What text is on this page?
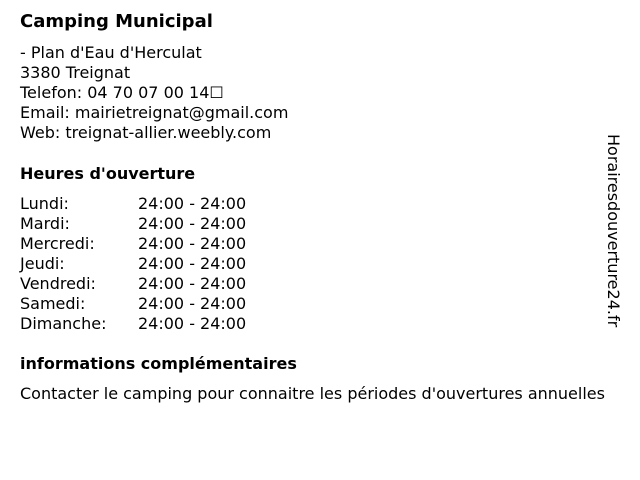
Camping Municipal
- Plan d'Eau d'Herculat
3380 Treignat
Telefon: 04 70 07 00 14☐
Email: mairietreignat@gmail.com
Web: treignat-allier.weebly.com
Heures d'ouverture
Lundi:	24:00 - 24:00
Mardi:	24:00 - 24:00
Mercredi:	24:00 - 24:00
Jeudi:	24:00 - 24:00
Vendredi:	24:00 - 24:00
Samedi:	24:00 - 24:00
Dimanche:	24:00 - 24:00
informations complémentaires
Contacter le camping pour connaitre les périodes d'ouvertures annuelles
Horairesdouverture24.fr
